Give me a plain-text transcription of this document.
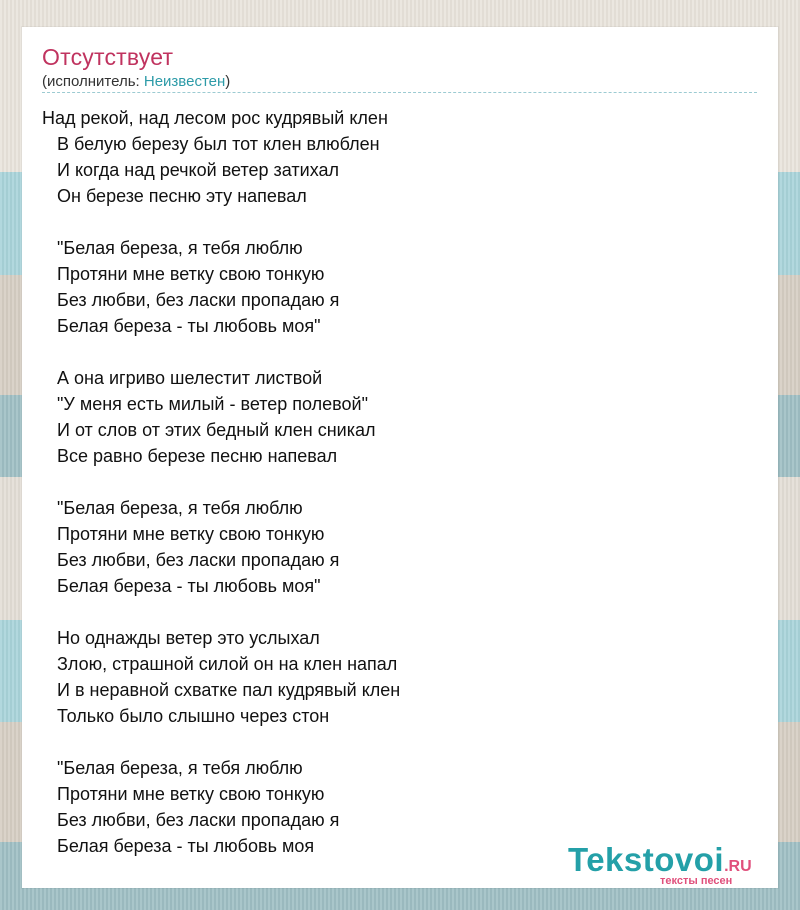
Отсутствует
(исполнитель: Неизвестен)
Над рекой, над лесом рос кудрявый клен
В белую березу был тот клен влюблен
И когда над речкой ветер затихал
Он березе песню эту напевал

"Белая береза, я тебя люблю
Протяни мне ветку свою тонкую
Без любви, без ласки пропадаю я
Белая береза - ты любовь моя"

А она игриво шелестит листвой
"У меня есть милый - ветер полевой"
И от слов от этих бедный клен сникал
Все равно березе песню напевал

"Белая береза, я тебя люблю
Протяни мне ветку свою тонкую
Без любви, без ласки пропадаю я
Белая береза - ты любовь моя"

Но однажды ветер это услыхал
Злою, страшной силой он на клен напал
И в неравной схватке пал кудрявый клен
Только было слышно через стон

"Белая береза, я тебя люблю
Протяни мне ветку свою тонкую
Без любви, без ласки пропадаю я
Белая береза - ты любовь моя	Tekstovoi.RU
тексты песен
